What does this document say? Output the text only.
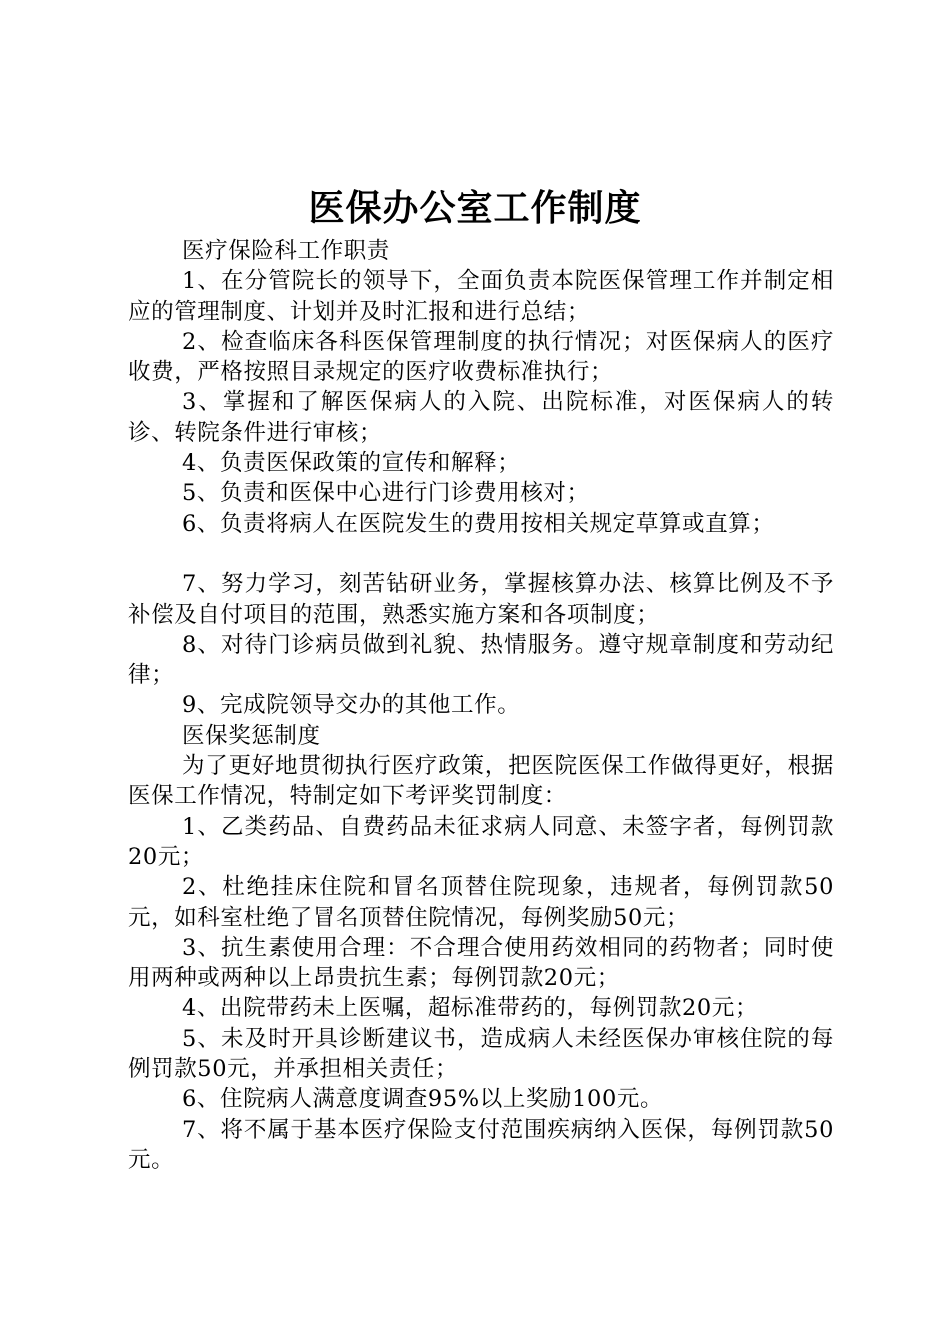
医保办公室工作制度

医疗保险科工作职责

1、在分管院长的领导下，全面负责本院医保管理工作并制定相应的管理制度、计划并及时汇报和进行总结；

2、检查临床各科医保管理制度的执行情况；对医保病人的医疗收费，严格按照目录规定的医疗收费标准执行；

3、掌握和了解医保病人的入院、出院标准，对医保病人的转诊、转院条件进行审核；

4、负责医保政策的宣传和解释；

5、负责和医保中心进行门诊费用核对；

6、负责将病人在医院发生的费用按相关规定草算或直算；

7、努力学习，刻苦钻研业务，掌握核算办法、核算比例及不予补偿及自付项目的范围，熟悉实施方案和各项制度；

8、对待门诊病员做到礼貌、热情服务。遵守规章制度和劳动纪律；

9、完成院领导交办的其他工作。

医保奖惩制度

为了更好地贯彻执行医疗政策，把医院医保工作做得更好，根据医保工作情况，特制定如下考评奖罚制度：

1、乙类药品、自费药品未征求病人同意、未签字者，每例罚款20元；

2、杜绝挂床住院和冒名顶替住院现象，违规者，每例罚款50元，如科室杜绝了冒名顶替住院情况，每例奖励50元；

3、抗生素使用合理：不合理合使用药效相同的药物者；同时使用两种或两种以上昂贵抗生素；每例罚款20元；

4、出院带药未上医嘱，超标准带药的，每例罚款20元；

5、未及时开具诊断建议书，造成病人未经医保办审核住院的每例罚款50元，并承担相关责任；

6、住院病人满意度调查95%以上奖励100元。

7、将不属于基本医疗保险支付范围疾病纳入医保，每例罚款50元。
